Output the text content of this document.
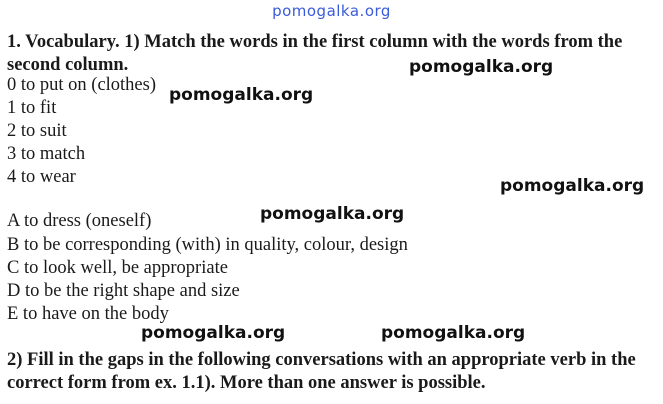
pomogalka.org
1. Vocabulary. 1) Match the words in the first column with the words from the second column.
0 to put on (clothes)
1 to fit
2 to suit
3 to match
4 to wear
A to dress (oneself)
B to be corresponding (with) in quality, colour, design
C to look well, be appropriate
D to be the right shape and size
E to have on the body
2) Fill in the gaps in the following conversations with an appropriate verb in the correct form from ex. 1.1). More than one answer is possible.
pomogalka.org
pomogalka.org
pomogalka.org
pomogalka.org
pomogalka.org	pomogalka.org
